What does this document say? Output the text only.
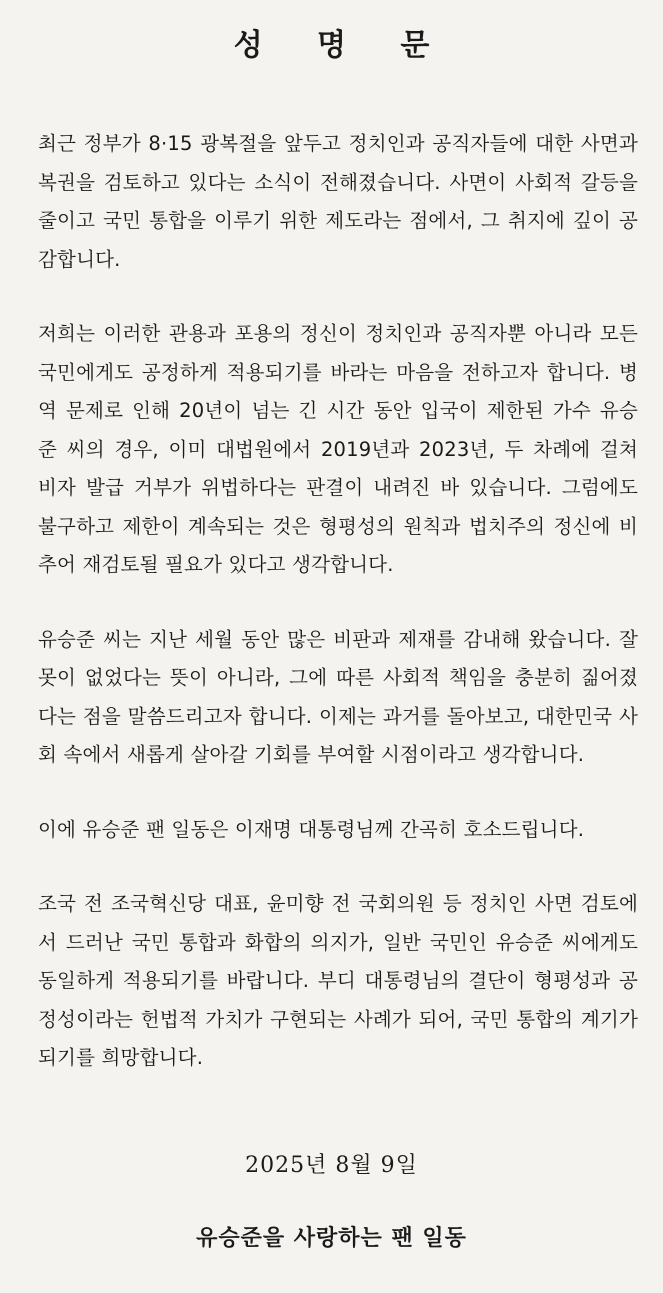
성 명 문
최근 정부가 8·15 광복절을 앞두고 정치인과 공직자들에 대한 사면과
복권을 검토하고 있다는 소식이 전해졌습니다. 사면이 사회적 갈등을
줄이고 국민 통합을 이루기 위한 제도라는 점에서, 그 취지에 깊이 공
감합니다.
저희는 이러한 관용과 포용의 정신이 정치인과 공직자뿐 아니라 모든
국민에게도 공정하게 적용되기를 바라는 마음을 전하고자 합니다. 병
역 문제로 인해 20년이 넘는 긴 시간 동안 입국이 제한된 가수 유승
준 씨의 경우, 이미 대법원에서 2019년과 2023년, 두 차례에 걸쳐
비자 발급 거부가 위법하다는 판결이 내려진 바 있습니다. 그럼에도
불구하고 제한이 계속되는 것은 형평성의 원칙과 법치주의 정신에 비
추어 재검토될 필요가 있다고 생각합니다.
유승준 씨는 지난 세월 동안 많은 비판과 제재를 감내해 왔습니다. 잘
못이 없었다는 뜻이 아니라, 그에 따른 사회적 책임을 충분히 짊어졌
다는 점을 말씀드리고자 합니다. 이제는 과거를 돌아보고, 대한민국 사
회 속에서 새롭게 살아갈 기회를 부여할 시점이라고 생각합니다.
이에 유승준 팬 일동은 이재명 대통령님께 간곡히 호소드립니다.
조국 전 조국혁신당 대표, 윤미향 전 국회의원 등 정치인 사면 검토에
서 드러난 국민 통합과 화합의 의지가, 일반 국민인 유승준 씨에게도
동일하게 적용되기를 바랍니다. 부디 대통령님의 결단이 형평성과 공
정성이라는 헌법적 가치가 구현되는 사례가 되어, 국민 통합의 계기가
되기를 희망합니다.
2025년 8월 9일
유승준을 사랑하는 팬 일동
